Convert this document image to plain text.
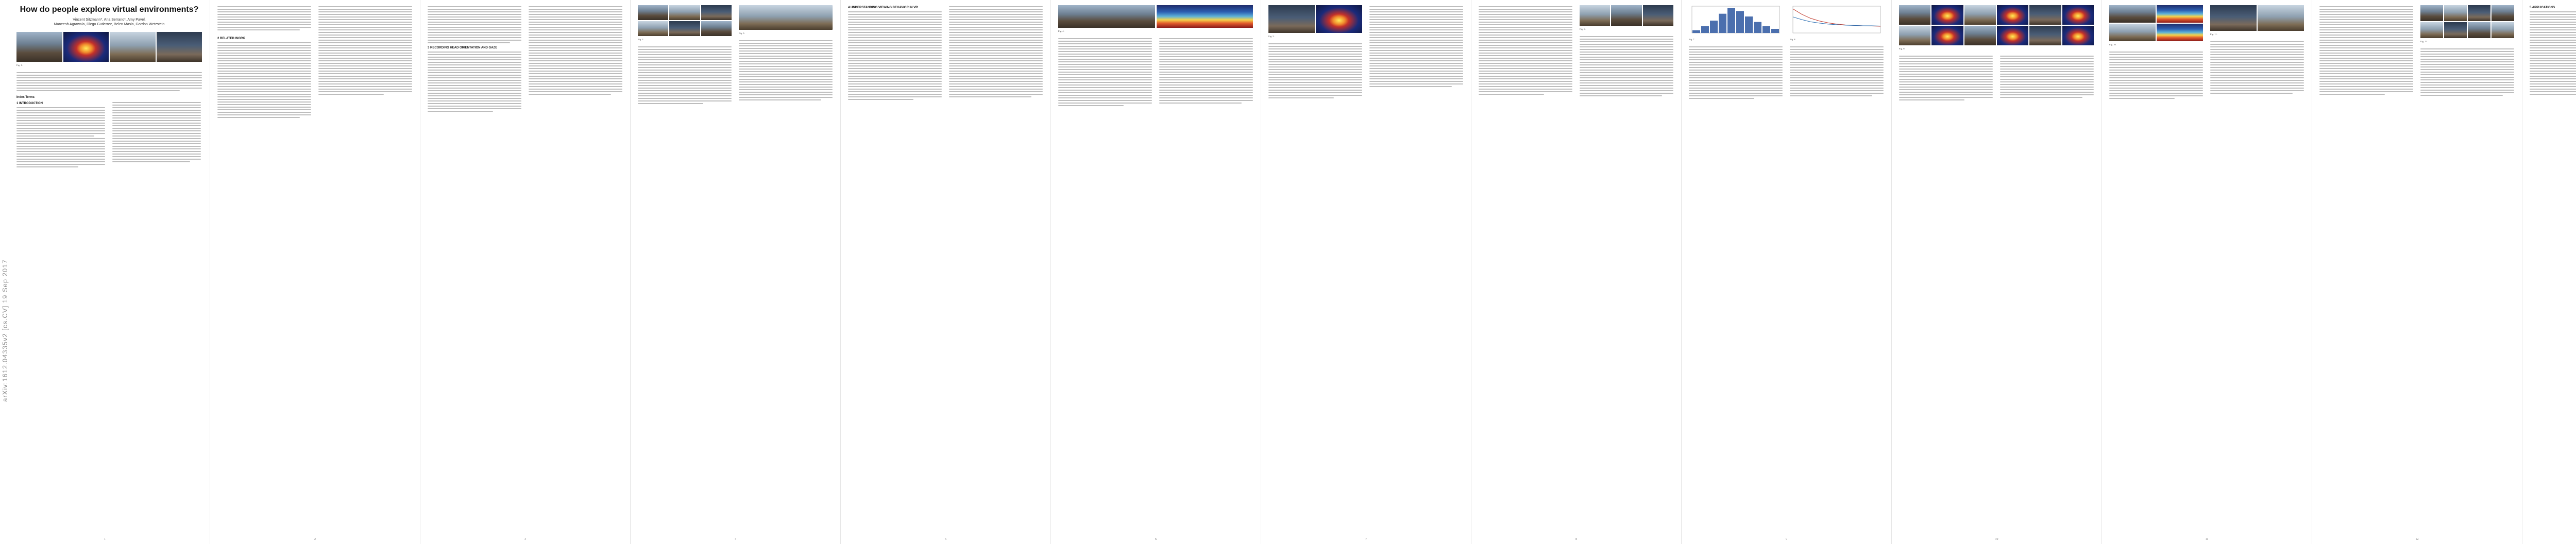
arXiv:1612.04335v2 [cs.CV] 19 Sep 2017
How do people explore virtual environments?
Vincent Sitzmann*, Ana Serrano*, Amy Pavel,
Maneesh Agrawala, Diego Gutierrez, Belen Masia, Gordon Wetzstein
Fig. 1.
Index Terms
1 INTRODUCTION
1
2 RELATED WORK
2
3 RECORDING HEAD ORIENTATION AND GAZE
3
Fig. 2.
Fig. 3.
4
4 UNDERSTANDING VIEWING BEHAVIOR IN VR
5
Fig. 4.
6
Fig. 5.
7
Fig. 6.
8
Fig. 7.	Fig. 8.
9
Fig. 9.
10
Fig. 10.
Fig. 11.
11
Fig. 12.
12
5 APPLICATIONS
